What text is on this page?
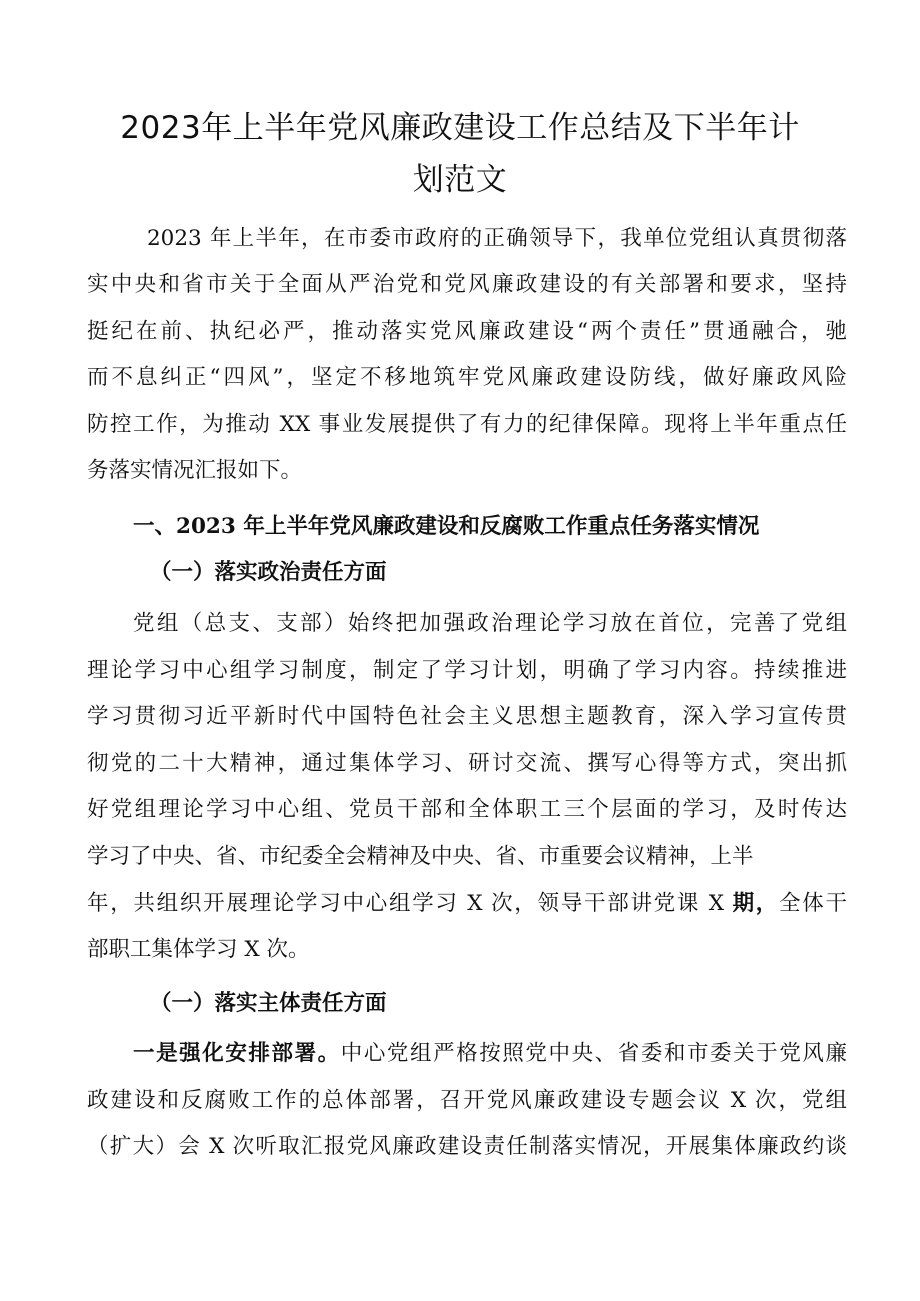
2023年上半年党风廉政建设工作总结及下半年计
划范文
2023 年上半年，在市委市政府的正确领导下，我单位党组认真贯彻落
实中央和省市关于全面从严治党和党风廉政建设的有关部署和要求，坚持
挺纪在前、执纪必严，推动落实党风廉政建设“两个责任”贯通融合，驰
而不息纠正“四风”，坚定不移地筑牢党风廉政建设防线，做好廉政风险
防控工作，为推动 XX 事业发展提供了有力的纪律保障。现将上半年重点任
务落实情况汇报如下。
一、2023 年上半年党风廉政建设和反腐败工作重点任务落实情况
（一）落实政治责任方面
党组（总支、支部）始终把加强政治理论学习放在首位，完善了党组
理论学习中心组学习制度，制定了学习计划，明确了学习内容。持续推进
学习贯彻习近平新时代中国特色社会主义思想主题教育，深入学习宣传贯
彻党的二十大精神，通过集体学习、研讨交流、撰写心得等方式，突出抓
好党组理论学习中心组、党员干部和全体职工三个层面的学习，及时传达
学习了中央、省、市纪委全会精神及中央、省、市重要会议精神，上半
年，共组织开展理论学习中心组学习 X 次，领导干部讲党课 X 期，全体干
部职工集体学习 X 次。
（一）落实主体责任方面
一是强化安排部署。中心党组严格按照党中央、省委和市委关于党风廉
政建设和反腐败工作的总体部署，召开党风廉政建设专题会议 X 次，党组
（扩大）会 X 次听取汇报党风廉政建设责任制落实情况，开展集体廉政约谈
